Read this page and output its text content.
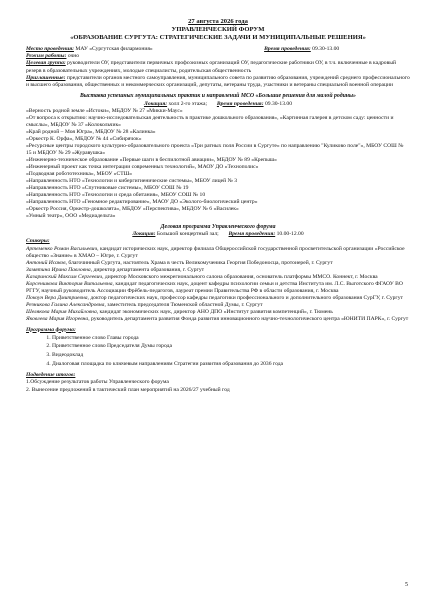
27 августа 2026 года
УПРАВЛЕНЧЕСКИЙ ФОРУМ
«ОБРАЗОВАНИЕ СУРГУТА: СТРАТЕГИЧЕСКИЕ ЗАДАЧИ И МУНИЦИПАЛЬНЫЕ РЕШЕНИЯ»
Место проведения: МАУ «Сургутская филармония»	Время проведения: 09.30-13.00
Режим работы: очно
Целевая группа: руководители ОУ, представители первичных профсоюзных организаций ОУ, педагогические работники ОУ, в т.ч. включенные в кадровый резерв в образовательных учреждениях, молодые специалисты, родительская общественность
Приглашенные: представители органов местного самоуправления, муниципального совета по развитию образования, учреждений среднего профессионального и высшего образования, общественных и некоммерческих организаций, депутаты, ветераны труда, участники и ветераны специальной военной операции
Выставка успешных муниципальных практик и направлений МСО «Большие решения для малой родины»
Локация: холл 2-го этажа; Время проведения: 09.30-13.00
«Верность родной земле «Истоки», МБДОУ № 27 «Микки-Маус»
«От вопроса к открытию: научно-исследовательская деятельность в практике дошкольного образования», «Картинная галерея в детском саду: ценности и смыслы», МБДОУ № 37 «Колокольчик»
«Край родной – Моя Югра», МБДОУ № 28 «Калинка»
«Оркестр К. Орфа», МБДОУ № 44 «Сибирячок»
«Ресурсные центры городского культурно-образовательного проекта «Три ратных поля России в Сургуте» по направлению "Куликово поле"», МБОУ СОШ № 15 и МБДОУ № 29 «Журавушка»
«Инженерно-техническое образование «Первые шаги в беспилотной авиации», МБДОУ № 89 «Крепыш»
«Инженерный проект как точка интеграции современных технологий», МАОУ ДО «Технополис»
«Подводная робототехника», МБОУ «СТШ»
«Направленность НТО «Технологии и кибергигиенические системы», МБОУ лицей № 3
«Направленность НТО «Спутниковые системы», МБОУ СОШ № 19
«Направленность НТО «Технологии и среда обитания», МБОУ СОШ № 10
«Направленность НТО «Геномное редактирование», МАОУ ДО «Эколого-биологический центр»
«Оркестр Россия, Оркестр-дошколята», МБДОУ «Перспектива», МБДОУ № 6 «Василек»
«Умный театр», ООО «Медиадельта»
Деловая программа Управленческого форума
Локация: Большой концертный зал; Время проведения: 10.00-12.00
Спикеры:
Артеменко Роман Васильевич, кандидат исторических наук, директор филиала Общероссийской государственной просветительской организации «Российское общество «Знание» в ХМАО – Югре, г. Сургут
Антоний Исаков, благочинный Сургута, настоятель Храма в честь Великомученика Георгия Победоносца, протоиерей, г. Сургут
Замятина Ирина Павловна, директор департамента образования, г. Сургут
Казаринский Максим Сергеевич, директор Московского межрегионального салона образования, основатель платформы ММСО. Коннект, г. Москва
Корсеншкова Виктория Витальевна, кандидат педагогических наук, доцент кафедры психологии семьи и детства Института им. Л.С. Выготского ФГАОУ ВО РГГУ, научный руководитель Ассоциации Фрёбель-педагогов, лауреат премии Правительства РФ в области образования, г. Москва
Покоун Вера Дмитриевна, доктор педагогических наук, профессор кафедры педагогики профессионального и дополнительного образования СурГУ, г. Сургут
Резникова Галина Александровна, заместитель председателя Тюменской областной Думы, г. Сургут
Шелякова Мария Михайловна, кандидат экономических наук, директор АНО ДПО «Институт развития компетенций», г. Тюмень
Яковлева Мария Игоревна, руководитель департамента развития Фонда развития инновационного научно-технологического центра «ЮНИТИ ПАРК», г. Сургут
Программа форума:
1. Приветственное слово Главы города
2. Приветственное слово Председателя Думы города
3. Видеодоклад
4. Диалоговая площадка по ключевым направлениям Стратегии развития образования до 2036 года
Подведение итогов:
1.Обсуждение результатов работы Управленческого форума
2. Вынесение предложений в тактический план мероприятий на 2026/27 учебный год
5
